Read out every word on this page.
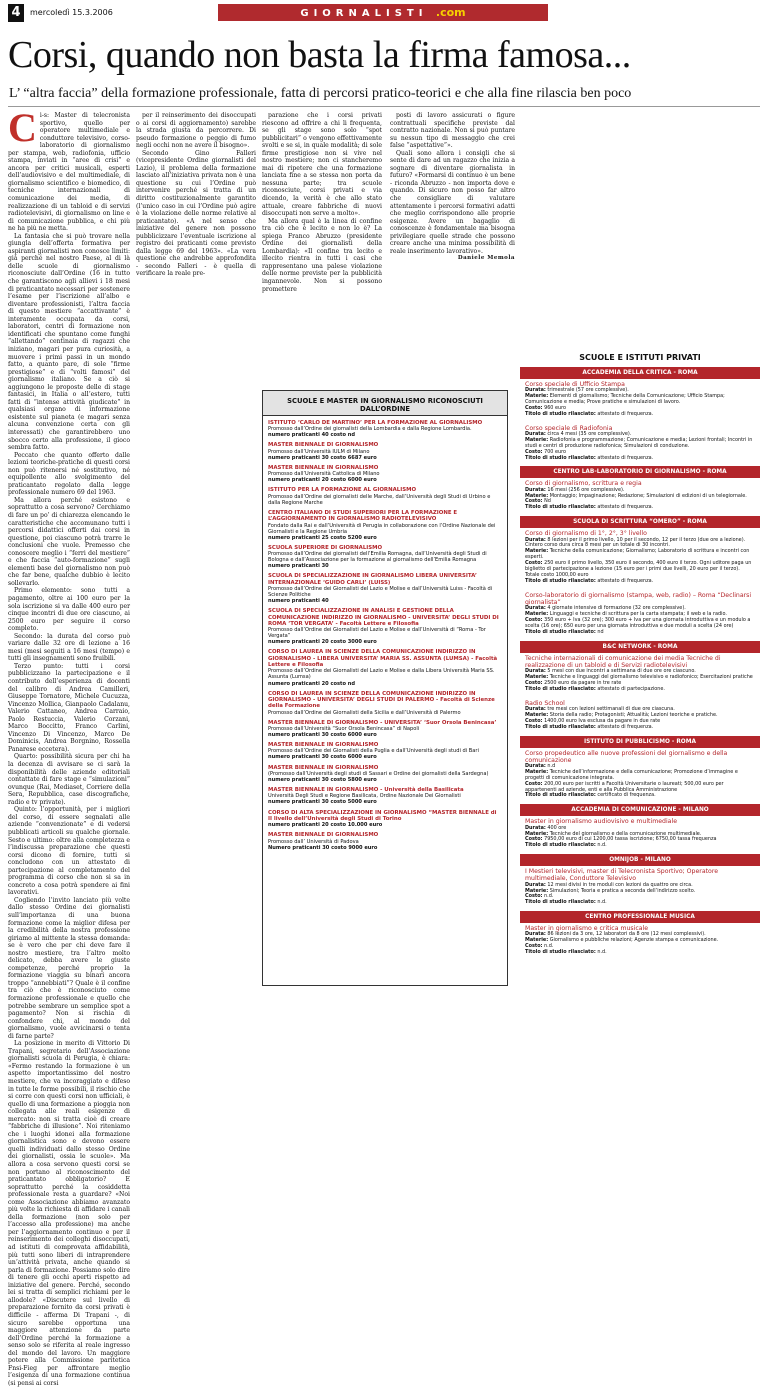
4	mercoledì 15.3.2006	GIORNALISTI .com
Corsi, quando non basta la firma famosa...
L’ “altra faccia” della formazione professionale, fatta di percorsi pratico-teorici e che alla fine rilascia ben poco
C i-s: Master di telecronista sportivo, quello per operatore multimediale e conduttore televisivo, corso-laboratorio di giornalismo per stampa, web, radiofonia, ufficio stampa, inviati in “aree di crisi” e ancora per critici musicali, esperti dell’audiovisivo e del multimediale, di giornalismo scientifico e biomedico, di tecniche internazionali di comunicazione dei media, di realizzazione di un tabloid e di servizi radiotelevisivi, di giornalismo on line e di comunicazione pubblica, e chi più ne ha più ne metta.

La fantasia che si può trovare nella giungla dell’offerta formativa per aspiranti giornalisti non conosce limiti: già perché nel nostro Paese, al di là delle scuole di giornalismo riconosciute dall’Ordine (16 in tutto che garantiscono agli allievi i 18 mesi di praticantato necessari per sostenere l’esame per l’iscrizione all’albo e diventare professionisti, l’altra faccia di questo mestiere “accattivante” è interamente occupata da corsi, laboratori, centri di formazione non identificati che spuntano come funghi “allettando” centinaia di ragazzi che iniziano, magari per pura curiosità, a muovere i primi passi in un mondo fatto, a quanto pare, di sole “firme prestigiose” e di “volti famosi” del giornalismo italiano. Se a ciò si aggiungono le proposte delle di stage fantasici, in Italia o all’estero, tutti fatti di “intense attività giudicate” in qualsiasi organo di informazione esistente sul pianeta (e magari senza alcuna convenzione certa con gli interessati) che garantirebbero uno sbocco certo alla professione, il gioco sembra fatto.

Peccato che quanto offerto dalle lezioni teoriche-pratiche di questi corsi non può ritenersi né sostitutivo, né equipollente allo svolgimento del praticantato regolato dalla legge professionale numero 69 del 1963.

Ma allora perché esistono e soprattutto a cosa servono? Cerchiamo di fare un po’ di chiarezza elencando le caratteristiche che accomunano tutti i percorsi didattici offerti dai corsi in questione, poi ciascuno potrà trarre le conclusioni che vuole. Premesso che conoscere meglio i “ferri del mestiere” e che faccia “auto-formazione” sugli elementi base del giornalismo non può che far bene, qualche dubbio è lecito sollevarlo.

Primo elemento: sono tutti a pagamento, oltre ai 100 euro per la sola iscrizione si va dalle 400 euro per cinque incontri di due ore ciascuno, ai 2500 euro per seguire il corso completo.

Secondo: la durata del corso può variare dalle 32 ore di lezione a 16 mesi (mesi seguiti a 16 mesi (tempo) e tutti gli insegnamenti sono fruibili.

Terzo punto: tutti i corsi pubblicizzano la partecipazione e il contributo dell’esperienza di docenti del calibro di Andrea Camilleri, Giuseppe Tornatore, Michele Cucuzza, Vincenzo Mollica, Gianpaolo Cadalanu, Valerio Cattaneo, Andrea Carraio, Paolo Restuccia, Valerio Corzani, Marco Boccitto, Franco Carlini, Vincenzo Di Vincenzo, Marco De Dominicis, Andrea Borgnino, Rossella Panarese eccetera).

Quarto: possibilità sicura per chi ha la decenza di avvisare se ci sarà la disponibilità delle aziende editoriali contattate di fare stage e “simulazioni” ovunque (Rai, Mediaset, Corriere della Sera, Repubblica, case discografiche, radio e tv private).

Quinto: l’opportunità, per i migliori del corso, di essere segnalati alle aziende “convenzionate” e di vedersi pubblicati articoli su qualche giornale. Sesto e ultimo: oltre alla completezza e l’indiscussa preparazione che questi corsi dicono di fornire, tutti si concludono con un attestato di partecipazione al completamento del programma di corso che non si sa in concreto a cosa potrà spendere ai fini lavorativi.

Cogliendo l’invito lanciato più volte dallo stesso Ordine dei giornalisti sull’importanza di una buona formazione come la miglior difesa per la credibilità della nostra professione giriamo al mittente la stessa domanda: se è vero che per chi deve fare il nostro mestiere, tra l’altro molto delicato, debba avere le giuste competenze, perché proprio la formazione viaggia su binari ancora troppo “annebbiati”? Quale è il confine tra ciò che è riconosciuto come formazione professionale e quello che potrebbe sembrare un semplice spot a pagamento? Non si rischia di confondere chi, al mondo del giornalismo, vuole avvicinarsi o tenta di farne parte?

La posizione in merito di Vittorio Di Trapani, segretario dell’Associazione giornalisti scuola di Perugia, è chiara: «Fermo restando la formazione è un aspetto importantissimo del nostro mestiere, che va incoraggiato e difeso in tutte le forme possibili, il rischio che si corre con questi corsi non ufficiali, è quello di una formazione a pioggia non collegata alle reali esigenze di mercato: non si tratta cioè di creare “fabbriche di illusione”. Noi riteniamo che i luoghi idonei alla formazione giornalistica sono e devono essere quelli individuati dallo stesso Ordine dei giornalisti, ossia le scuole». Ma allora a cosa servono questi corsi se non portano al riconoscimento del praticantato obbligatorio? E soprattutto perché la cosiddetta professionale resta a guardare? «Noi come Associazione abbiamo avanzato più volte la richiesta di affidare i canali della formazione (non solo per l’accesso alla professione) ma anche per l’aggiornamento continuo e per il reinserimento dei colleghi disoccupati, ad istituti di comprovata affidabilità, più tutti sono liberi di intraprendere un’attività privata, anche quando si parla di formazione. Possiamo solo dire di tenere gli occhi aperti rispetto ad iniziative del genere. Perché, secondo lei si tratta di semplici richiami per le allodole? «Discutere sul livello di preparazione fornito da corsi privati è difficile - afferma Di Trapani -, di sicuro sarebbe opportuna una maggiore attenzione da parte dell’Ordine perché la formazione a senso solo se riferita al reale ingresso del mondo del lavoro. Un maggiore potere alla Commissione paritetica Fnsi-Fieg per affrontare meglio l’esigenza di una formazione continua (si pensi ai corsi

per il reinserimento dei disoccupati o ai corsi di aggiornamento) sarebbe la strada giusta da percorrere. Di pseudo formazione o peggio di fumo negli occhi non ne avere il bisogno».

Secondo Gino Falleri (vicepresidente Ordine giornalisti del Lazio), il problema della formazione lasciato all’iniziativa privata non è una questione su cui l’Ordine può intervenire perché si tratta di un diritto costituzionalmente garantito (l’unico caso in cui l’Ordine può agire è la violazione delle norme relative al praticantato). «A nel senso che iniziative del genere non possono pubblicizzare l’eventuale iscrizione al registro dei praticanti come previsto dalla legge 69 del 1963». «La vera questione che andrebbe approfondita - secondo Falleri - è quella di verificare la reale pre-

parazione che i corsi privati riescono ad offrire a chi li frequenta, se gli stage sono solo “spot pubblicitari” o vengono effettivamente svolti e se si, in quale modalità; di sole firme prestigiose non si vive nel nostro mestiere; non ci stancheremo mai di ripetere che una formazione lanciata fine a se stessa non porta da nessuna parte; tra scuole riconosciute, corsi privati e via dicendo, la verità è che allo stato attuale, creare fabbriche di nuovi disoccupati non serve a molto».

Ma allora qual è la linea di confine tra ciò che è lecito e non lo è? La spiega Franco Abruzzo (presidente Ordine dei giornalisti della Lombardia): «Il confine tra lecito e illecito rientra in tutti i casi che rappresentano una palese violazione delle norme previste per la pubblicità ingannevole. Non si possono promettere

posti di lavoro assicurati o figure contrattuali specifiche previste dal contratto nazionale. Non si può puntare su nessun tipo di messaggio che crei false “aspettative”».

Quali sono allora i consigli che si sente di dare ad un ragazzo che inizia a sognare di diventare giornalista in futuro? «Formarsi di continuo è un bene - riconda Abruzzo - non importa dove e quando. Di sicuro non posso far altro che consigliare di valutare attentamente i percorsi formativi adatti che meglio corrispondono alle proprie esigenze. Avere un bagaglio di conoscenze è fondamentale ma bisogna privilegiare quelle strade che possono creare anche una minima possibilità di reale inserimento lavorativo».

Daniele Memola
SCUOLE E ISTITUTI PRIVATI
SCUOLE E MASTER IN GIORNALISMO RICONOSCIUTI DALL’ORDINE
ISTITUTO ‘CARLO DE MARTINO’ PER LA FORMAZIONE AL GIORNALISMO
Promosso dall’Ordine dei giornalisti della Lombardia e dalla Regione Lombardia.
numero praticanti 40 costo nd
MASTER BIENNALE DI GIORNALISMO
Promosso dall’Università IULM di Milano
numero praticanti 30 costo 6687 euro
MASTER BIENNALE IN GIORNALISMO
Promosso dall’Università Cattolica di Milano
numero praticanti 20 costo 6000 euro
ISTITUTO PER LA FORMAZIONE AL GIORNALISMO
Promosso dall’Ordine dei giornalisti delle Marche, dall’Università degli Studi di Urbino e dalla Regione Marche
CENTRO ITALIANO DI STUDI SUPERIORI PER LA FORMAZIONE E L’AGGIORNAMENTO IN GIORNALISMO RADIOTELEVISIVO
Fondato dalla Rai e dall’Università di Perugia in collaborazione con l’Ordine Nazionale dei Giornalisti e la Regione Umbria
numero praticanti 25 costo 5200 euro
SCUOLA SUPERIORE DI GIORNALISMO
Promosso dall’Ordine dei giornalisti dell’Emilia Romagna, dall’Università degli Studi di Bologna e dall’Associazione per la formazione al giornalismo dell’Emilia Romagna
numero praticanti 30
SCUOLA DI SPECIALIZZAZIONE IN GIORNALISMO LIBERA UNIVERSITA’ INTERNAZIONALE ‘GUIDO CARLI’ (LUISS)
Promosso dall’Ordine dei Giornalisti del Lazio e Molise e dall’Università Luiss - Facoltà di Scienze Politiche
numero praticanti 40
SCUOLA DI SPECIALIZZAZIONE IN ANALISI E GESTIONE DELLA COMUNICAZIONE INDIRIZZO IN GIORNALISMO - UNIVERSITA’ DEGLI STUDI DI ROMA ‘TOR VERGATA’ - Facoltà Lettere e Filosofia
Promosso dall’Ordine dei Giornalisti del Lazio e Molise e dall’Università di “Roma - Tor Vergata”
numero praticanti 20 costo 3000 euro
CORSO DI LAUREA IN SCIENZE DELLA COMUNICAZIONE INDIRIZZO IN GIORNALISMO - LIBERA UNIVERSITA’ MARIA SS. ASSUNTA (LUMSA) - Facoltà Lettere e Filosofia
Promosso dall’Ordine dei Giornalisti del Lazio e Molise e dalla Libera Università Maria SS. Assunta (Lumsa)
numero praticanti 20 costo nd
CORSO DI LAUREA IN SCIENZE DELLA COMUNICAZIONE INDIRIZZO IN GIORNALISMO - UNIVERSITA’ DEGLI STUDI DI PALERMO - Facoltà di Scienze della Formazione
Promosso dall’Ordine dei Giornalisti della Sicilia e dall’Università di Palermo
MASTER BIENNALE DI GIORNALISMO - UNIVERSITA’ ‘Suor Orsola Benincasa’
Promosso dall’Università “Suor Orsola Benincasa” di Napoli
numero praticanti 30 costo 6000 euro
MASTER BIENNALE IN GIORNALISMO
Promosso dall’Ordine dei Giornalisti della Puglia e dall’Università degli studi di Bari
numero praticanti 30 costo 6000 euro
MASTER BIENNALE IN GIORNALISMO
(Promosso dall’Università degli studi di Sassari e Ordine dei giornalisti della Sardegna)
numero praticanti 30 costo 5800 euro
MASTER BIENNALE IN GIORNALISMO - Università della Basilicata
Università Degli Studi e Regione Basilicata, Ordine Nazionale Dei Giornalisti
numero praticanti 30 costo 5000 euro
CORSO DI ALTA SPECIALIZZAZIONE IN GIORNALISMO “MASTER BIENNALE di II livello dell’Università degli Studi di Torino
numero praticanti 20 costo 10.000 euro
MASTER BIENNALE DI GIORNALISMO
Promosso dall’ Università di Padova
Numero praticanti 30 costo 9000 euro
ACCADEMIA DELLA CRITICA - ROMA
Corso speciale di Ufficio Stampa
Durata: trimestrale (57 ore complessive).
Materie: Elementi di giornalismo; Tecniche della Comunicazione; Ufficio Stampa; Comunicazione e media; Prove pratiche e simulazioni di lavoro.
Costo: 960 euro
Titolo di studio rilasciato: attestato di frequenza.
Corso speciale di Radiofonia
Durata: circa 4 mesi (35 ore complessive).
Materie: Radiofonia e programmazione; Comunicazione e media; Lezioni frontali; Incontri in studi e centri di produzione radiofonica; Simulazioni di conduzione.
Costo: 700 euro
Titolo di studio rilasciato: attestato di frequenza.
CENTRO LAB-LABORATORIO DI GIORNALISMO - ROMA
Corso di giornalismo, scrittura e regia
Durata: 16 mesi (256 ore complessive).
Materie: Montaggio; Impaginazione; Redazione; Simulazioni di edizioni di un telegiornale.
Costo: Nd
Titolo di studio rilasciato: attestato di frequenza.
SCUOLA DI SCRITTURA “OMERO” - ROMA
Corso di giornalismo di 1°, 2°, 3° livello
Durata: 8 lezioni per il primo livello, 10 per il secondo, 12 per il terzo (due ore a lezione). Cintero corso dura circa 8 mesi per un totale di 30 incontri.
Materie: Tecniche della comunicazione; Giornalismo; Laboratorio di scrittura e incontri con esperti.
Costo: 250 euro il primo livello, 350 euro il secondo, 400 euro il terzo. Ogni uditore paga un biglietto di partecipazione a lezione (15 euro per i primi due livelli, 20 euro per il terzo). Totale costo 1000,00 euro
Titolo di studio rilasciato: attestato di frequenza.
Corso-laboratorio di giornalismo (stampa, web, radio) – Roma “Declinarsi giornalista”
Durata: 4 giornate intensive di formazione (32 ore complessive).
Materie: Linguaggi e tecniche di scrittura per la carta stampata; il web e la radio.
Costo: 350 euro + Iva (32 ore); 300 euro + Iva per una giornata introduttiva e un modulo a scelta (16 ore); 650 euro per una giornata introduttiva e due moduli a scelta (24 ore)
Titolo di studio rilasciato: nd
B&C NETWORK - ROMA
Tecniche internazionali di comunicazione dei media Tecniche di realizzazione di un tabloid e di Servizi radiotelevisivi
Durata: 5 mesi con due incontri a settimana di due ore ore ciascuno.
Materie: Tecniche e linguaggi del giornalismo televisivo e radiofonico; Esercitazioni pratiche
Costo: 2500 euro da pagare in tre rate
Titolo di studio rilasciato: attestato di partecipazione.
Radio School
Durata: tre mesi con lezioni settimanali di due ore ciascuna.
Materie: Storia della radio; Protagonisti; Attualità; Lezioni teoriche e pratiche.
Costo: 1400,00 euro Iva esclusa da pagare in due rate
Titolo di studio rilasciato: attestato di frequenza.
ISTITUTO DI PUBBLICISMO - ROMA
Corso propedeutico alle nuove professioni del giornalismo e della comunicazione
Durata: n.d
Materie: Tecniche dell’informazione e della comunicazione; Promozione d’immagine e progetti di comunicazione integrata.
Costo: 200,00 euro per iscritti a Facoltà Universitarie o laureati; 500,00 euro per appartenenti ad aziende, enti e alla Pubblica Amministrazione
Titolo di studio rilasciato: certificato di frequenza.
ACCADEMIA DI COMUNICAZIONE - MILANO
Master in giornalismo audiovisivo e multimediale
Durata: 400 ore
Materie: Tecniche del giornalismo e della comunicazione multimediale.
Costo: 7950,00 euro di cui 1200,00 tassa iscrizione; 6750,00 tassa frequenza
Titolo di studio rilasciato: n.d.
OMNIJOB - MILANO
I Mestieri televisivi, master di Telecronista Sportivo; Operatore multimediale, Conduttore Televisivo
Durata: 12 mesi divisi in tre moduli con lezioni da quattro ore circa.
Materie: Simulazioni; Teoria e pratica a seconda dell’indirizzo scelto.
Costo: n.d.
Titolo di studio rilasciato: n.d.
CENTRO PROFESSIONALE MUSICA
Master in giornalismo e critica musicale
Durata: 86 lezioni da 3 ore, 12 laboratori da 8 ore (12 mesi complessivi).
Materie: Giornalismo e pubbliche relazioni; Agenzie stampa e comunicazione.
Costo: n.d.
Titolo di studio rilasciato: n.d.
